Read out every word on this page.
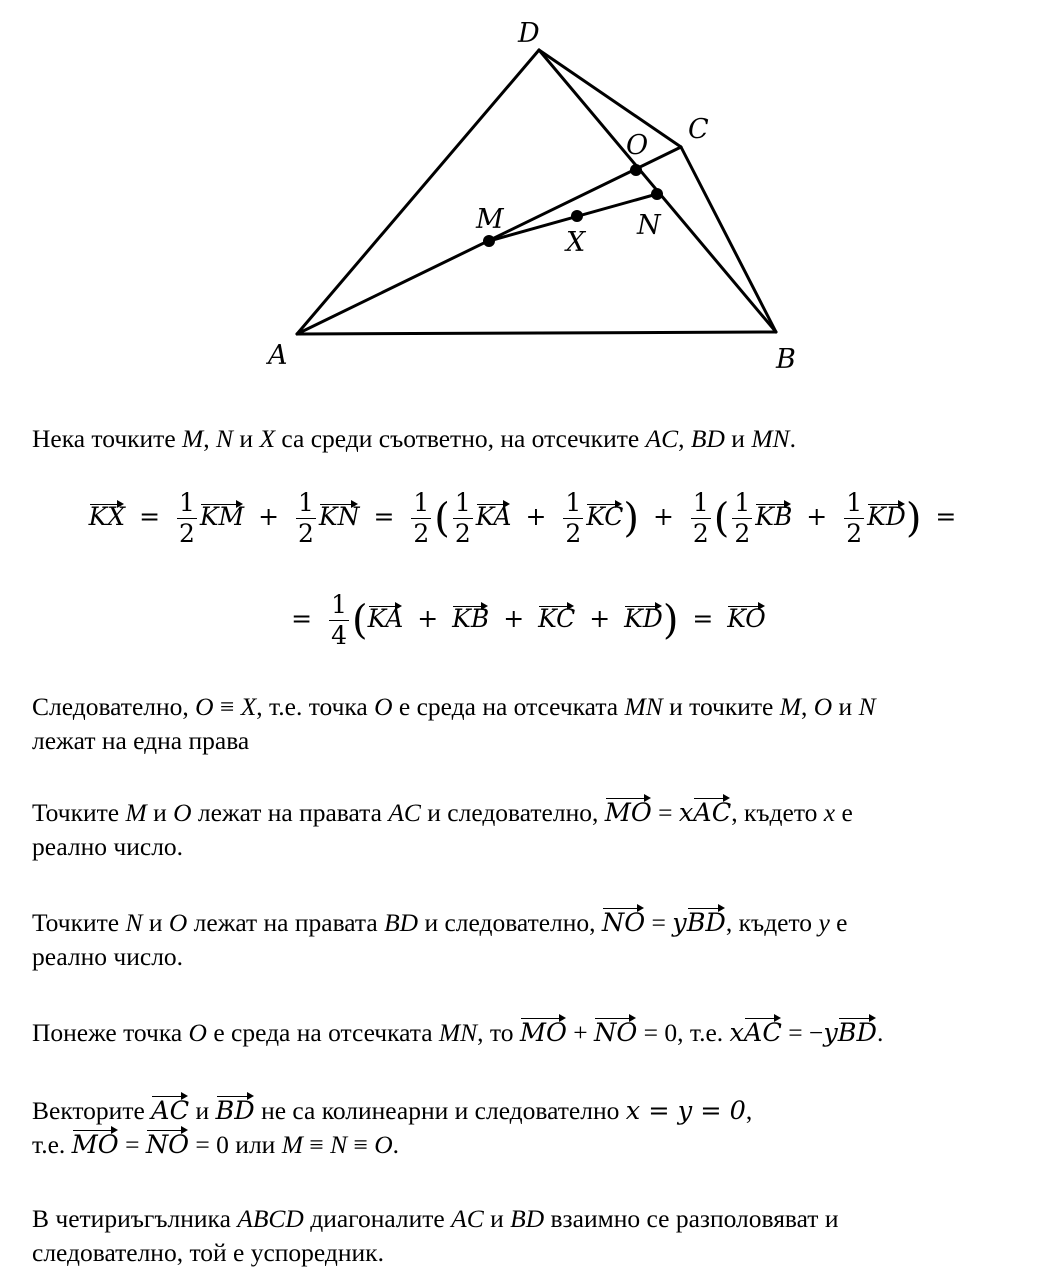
D
C
O
M
X
N
A	B
Нека точките M, N и X са среди съответно, на отсечките AC, BD и MN.
KX = $\frac{1}{2}$ KM + $\frac{1}{2}$ KN = $\frac{1}{2}$ ( $\frac{1}{2}$ KA + $\frac{1}{2} KC) + \frac{1}{2}$ ( $\frac{1}{2}$ KB + $\frac{1}{2} KD$) =
= $\frac{1}{4} (KA$ + KB + KC + KD) = KO
Следователно, O ≡ X, т.е. точка O е среда на отсечката MN и точките M, O и N
лежат на една права
Точките M и O лежат на правата AC и следователно, MO = xAC, където x е
реално число.
Точките N и O лежат на правата BD и следователно, NO = yBD, където y е
реално число.
Понеже точка O е среда на отсечката MN, то MO + NO = 0, т.е. xAC = −yBD.
Векторите AC и BD не са колинеарни и следователно x = y = 0,
т.е. MO = NO = 0 или M ≡ N ≡ O.
В четириъгълника ABCD диагоналите AC и BD взаимно се разполовяват и
следователно, той е успоредник.
